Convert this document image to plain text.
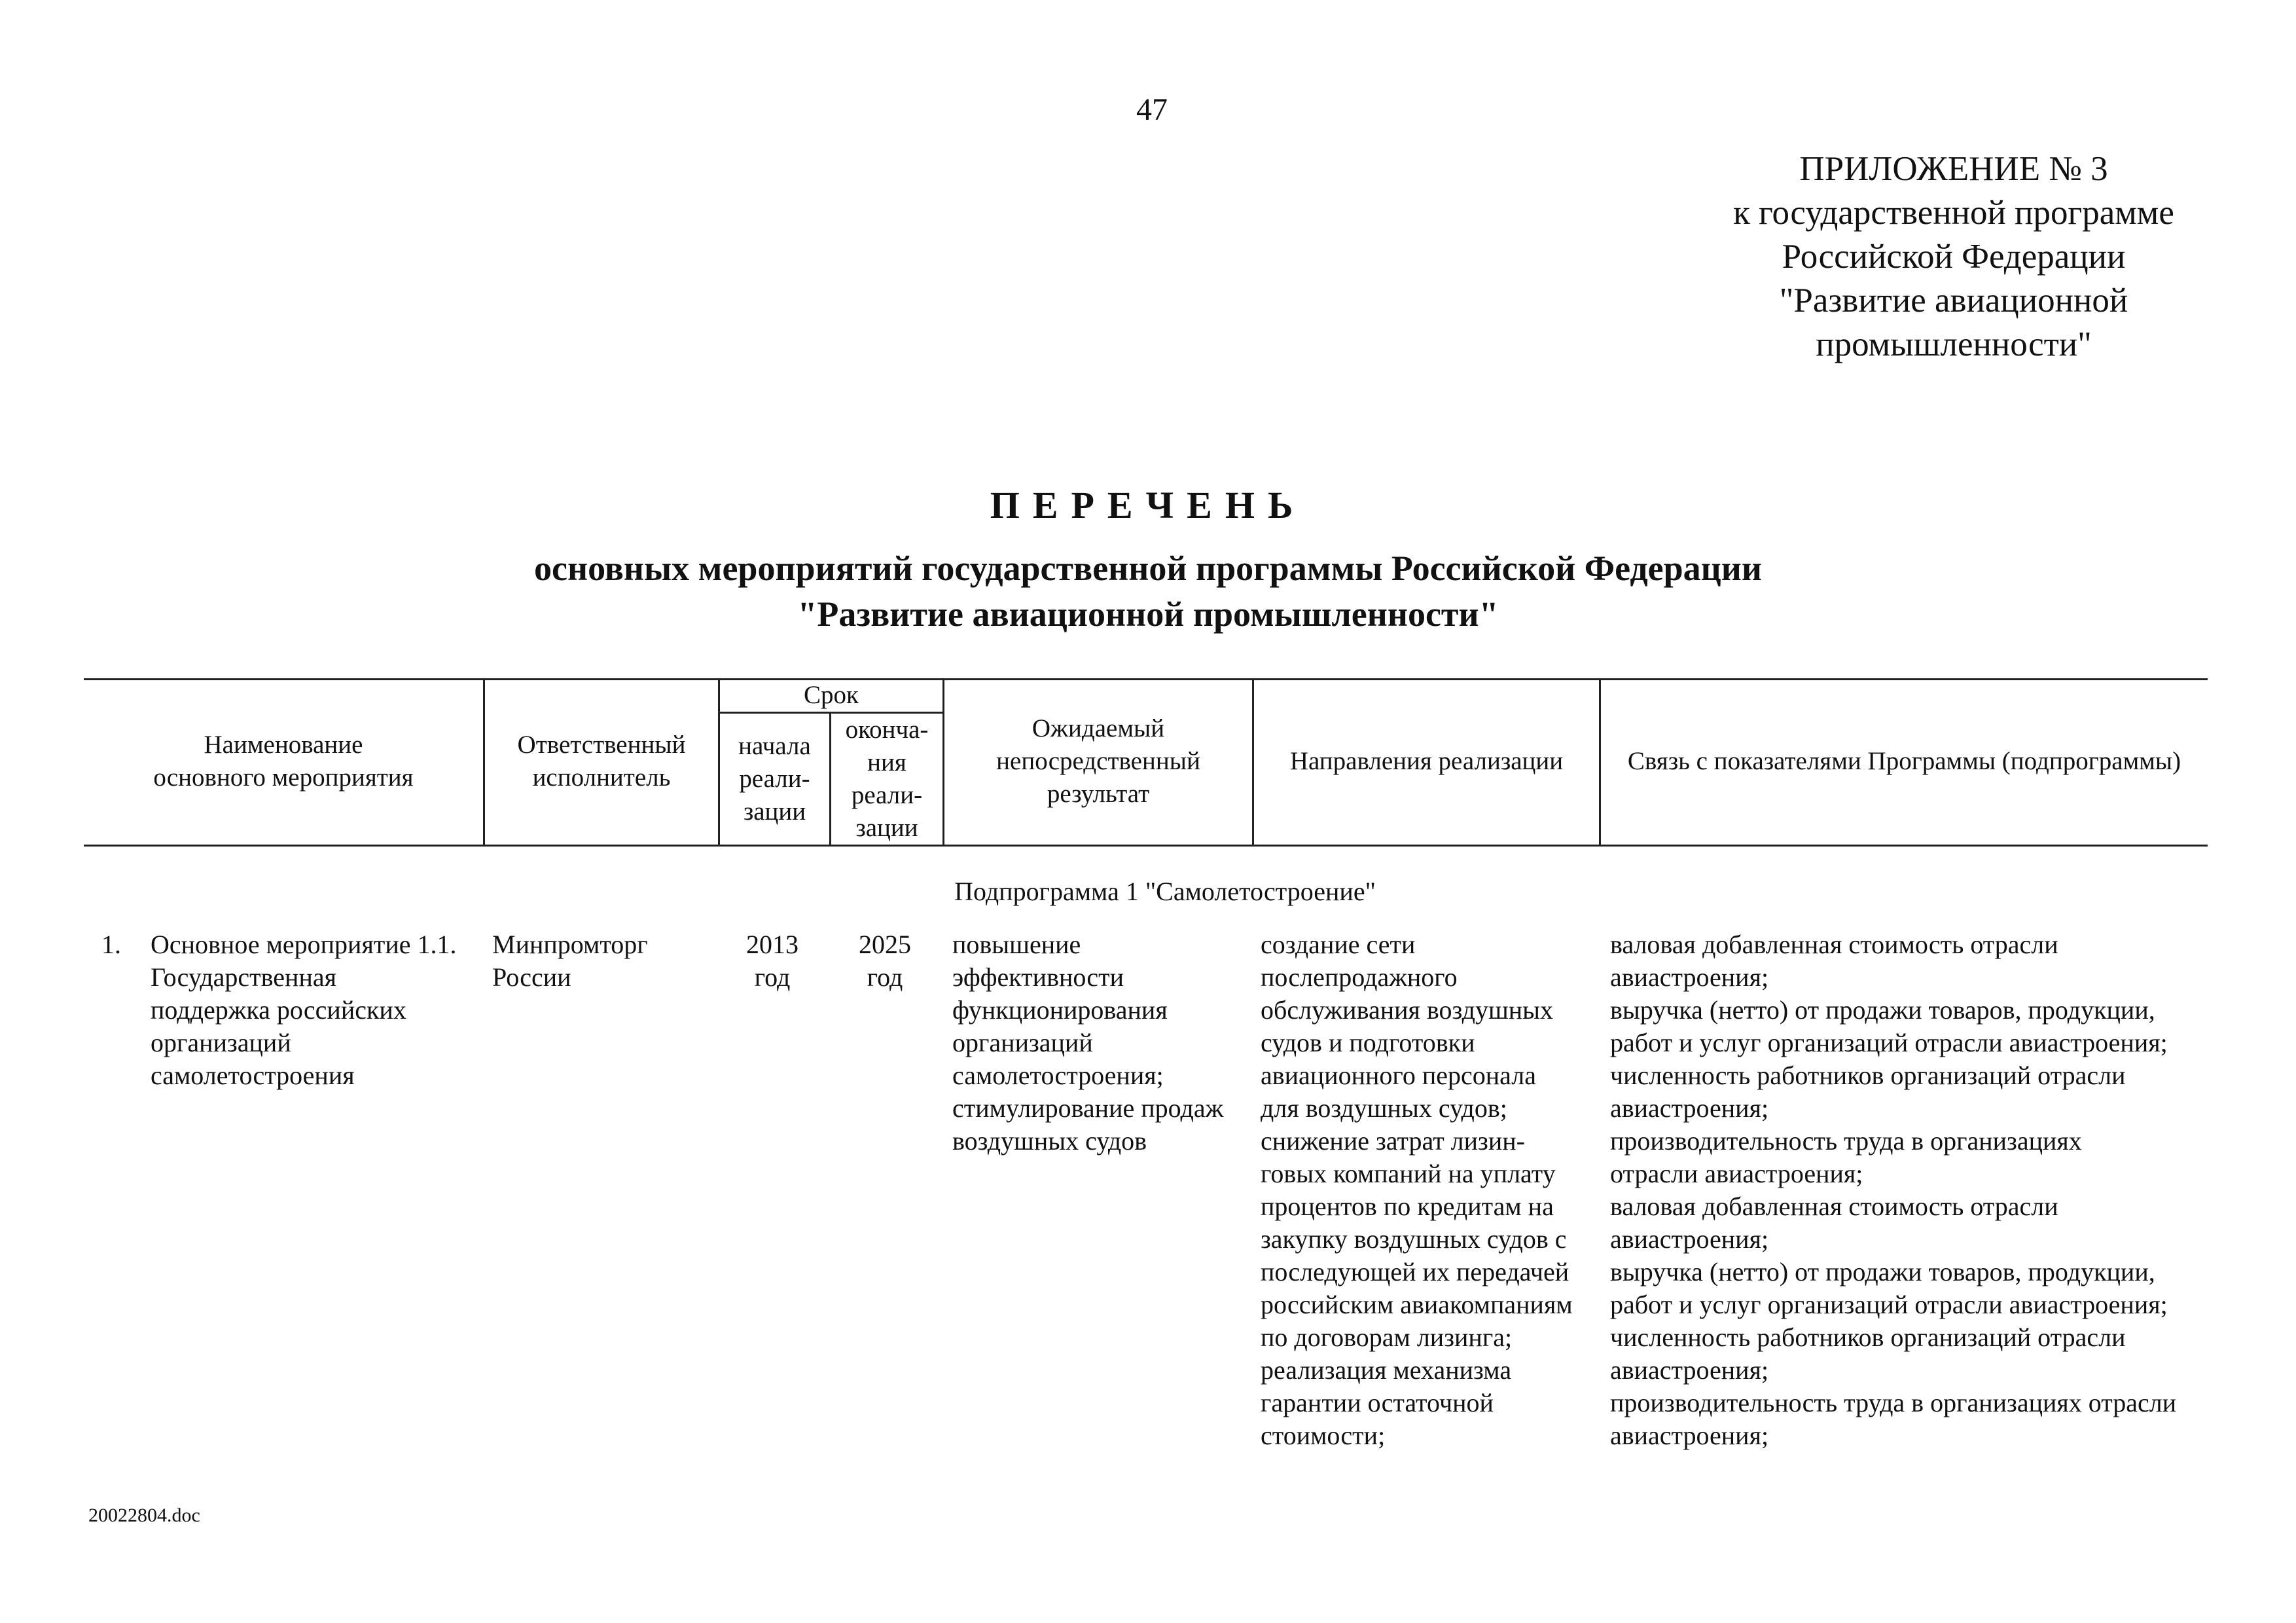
47
ПРИЛОЖЕНИЕ № 3
к государственной программе
Российской Федерации
"Развитие авиационной
промышленности"
ПЕРЕЧЕНЬ
основных мероприятий государственной программы Российской Федерации
"Развитие авиационной промышленности"
Наименование
основного мероприятия
Ответственный
исполнитель
Срок
начала
реали-
зации
оконча-
ния
реали-
зации
Ожидаемый
непосредственный
результат
Направления реализации	Связь с показателями Программы (подпрограммы)
Подпрограмма 1 "Самолетостроение"
1. Основное мероприятие 1.1.
Государственная
поддержка российских
организаций
самолетостроения
Минпромторг
России
2013
год
2025
год
повышение
эффективности
функционирования
организаций
самолетостроения;
стимулирование продаж
воздушных судов
создание сети
послепродажного
обслуживания воздушных
судов и подготовки
авиационного персонала
для воздушных судов;
снижение затрат лизин-
говых компаний на уплату
процентов по кредитам на
закупку воздушных судов с
последующей их передачей
российским авиакомпаниям
по договорам лизинга;
реализация механизма
гарантии остаточной
стоимости;
валовая добавленная стоимость отрасли
авиастроения;
выручка (нетто) от продажи товаров, продукции,
работ и услуг организаций отрасли авиастроения;
численность работников организаций отрасли
авиастроения;
производительность труда в организациях
отрасли авиастроения;
валовая добавленная стоимость отрасли
авиастроения;
выручка (нетто) от продажи товаров, продукции,
работ и услуг организаций отрасли авиастроения;
численность работников организаций отрасли
авиастроения;
производительность труда в организациях отрасли
авиастроения;
20022804.doc
